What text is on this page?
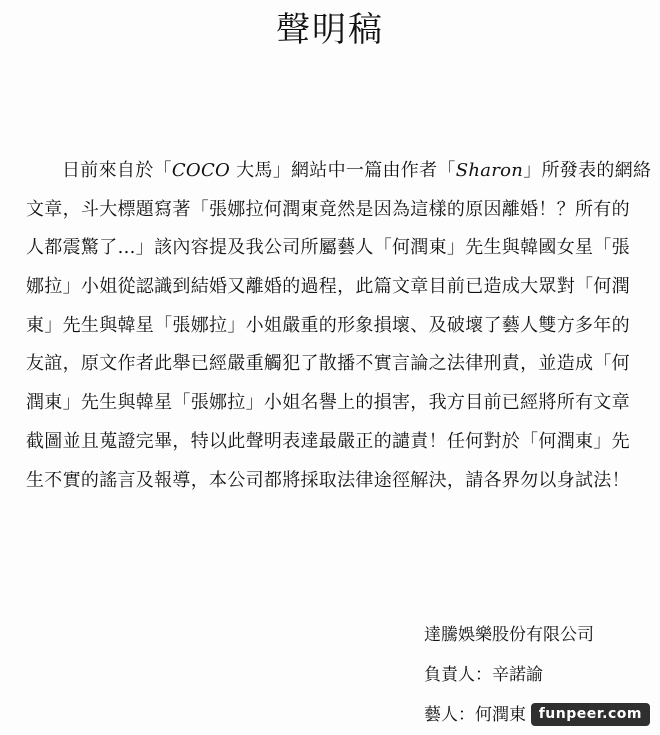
聲明稿
日前來自於「COCO 大馬」網站中一篇由作者「Sharon」所發表的網絡
文章，斗大標題寫著「張娜拉何潤東竟然是因為這樣的原因離婚！？所有的
人都震驚了…」該內容提及我公司所屬藝人「何潤東」先生與韓國女星「張
娜拉」小姐從認識到結婚又離婚的過程，此篇文章目前已造成大眾對「何潤
東」先生與韓星「張娜拉」小姐嚴重的形象損壞、及破壞了藝人雙方多年的
友誼，原文作者此舉已經嚴重觸犯了散播不實言論之法律刑責，並造成「何
潤東」先生與韓星「張娜拉」小姐名譽上的損害，我方目前已經將所有文章
截圖並且蒐證完畢，特以此聲明表達最嚴正的譴責！任何對於「何潤東」先
生不實的謠言及報導，本公司都將採取法律途徑解決，請各界勿以身試法！
達騰娛樂股份有限公司
負責人：辛諾諭
藝人：何潤東 funpeer.com
